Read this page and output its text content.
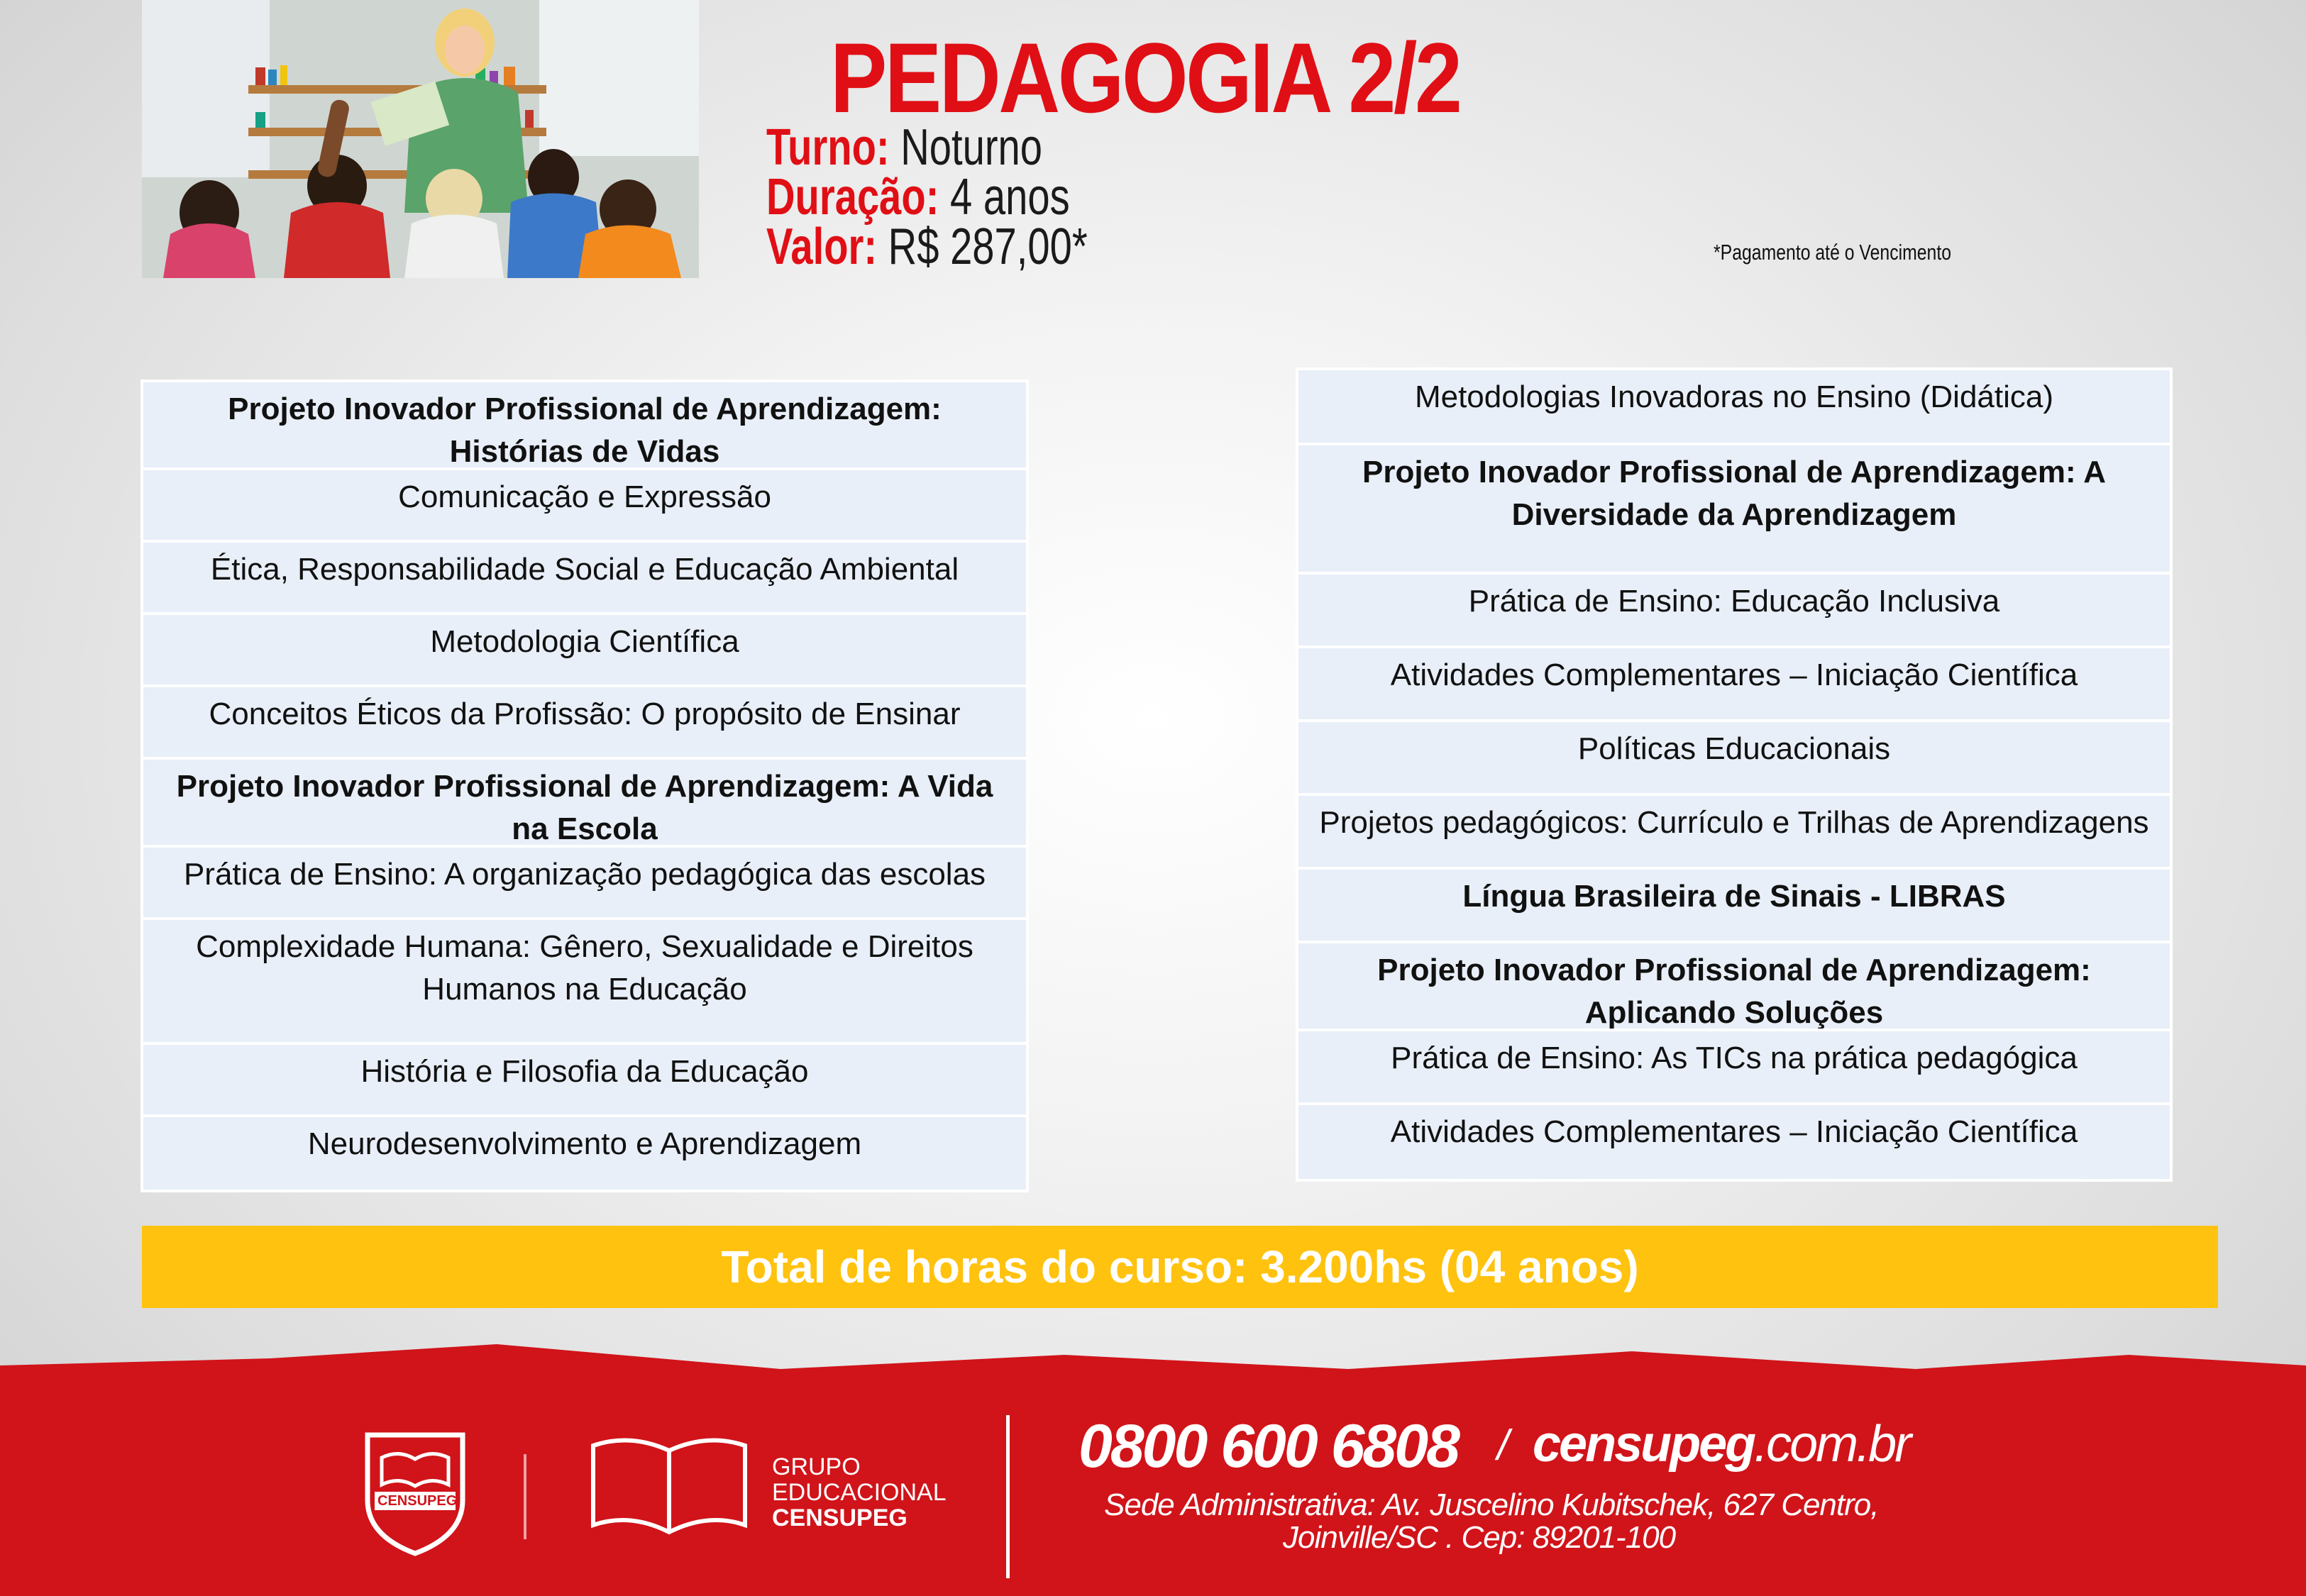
PEDAGOGIA 2/2
Turno: Noturno
Duração: 4 anos
Valor: R$ 287,00*	*Pagamento até o Vencimento
Projeto Inovador Profissional de Aprendizagem: Histórias de Vidas
Comunicação e Expressão
Ética, Responsabilidade Social e Educação Ambiental
Metodologia Científica
Conceitos Éticos da Profissão: O propósito de Ensinar
Projeto Inovador Profissional de Aprendizagem: A Vida na Escola
Prática de Ensino: A organização pedagógica das escolas
Complexidade Humana: Gênero, Sexualidade e Direitos Humanos na Educação
História e Filosofia da Educação
Neurodesenvolvimento e Aprendizagem
Metodologias Inovadoras no Ensino (Didática)
Projeto Inovador Profissional de Aprendizagem: A Diversidade da Aprendizagem
Prática de Ensino: Educação Inclusiva
Atividades Complementares – Iniciação Científica
Políticas Educacionais
Projetos pedagógicos: Currículo e Trilhas de Aprendizagens
Língua Brasileira de Sinais - LIBRAS
Projeto Inovador Profissional de Aprendizagem: Aplicando Soluções
Prática de Ensino: As TICs na prática pedagógica
Atividades Complementares – Iniciação Científica
Total de horas do curso: 3.200hs (04 anos)
CENSUPEG
GRUPO
EDUCACIONAL
CENSUPEG
0800 600 6808 / censupeg.com.br
Sede Administrativa: Av. Juscelino Kubitschek, 627 Centro,
Joinville/SC . Cep: 89201-100
